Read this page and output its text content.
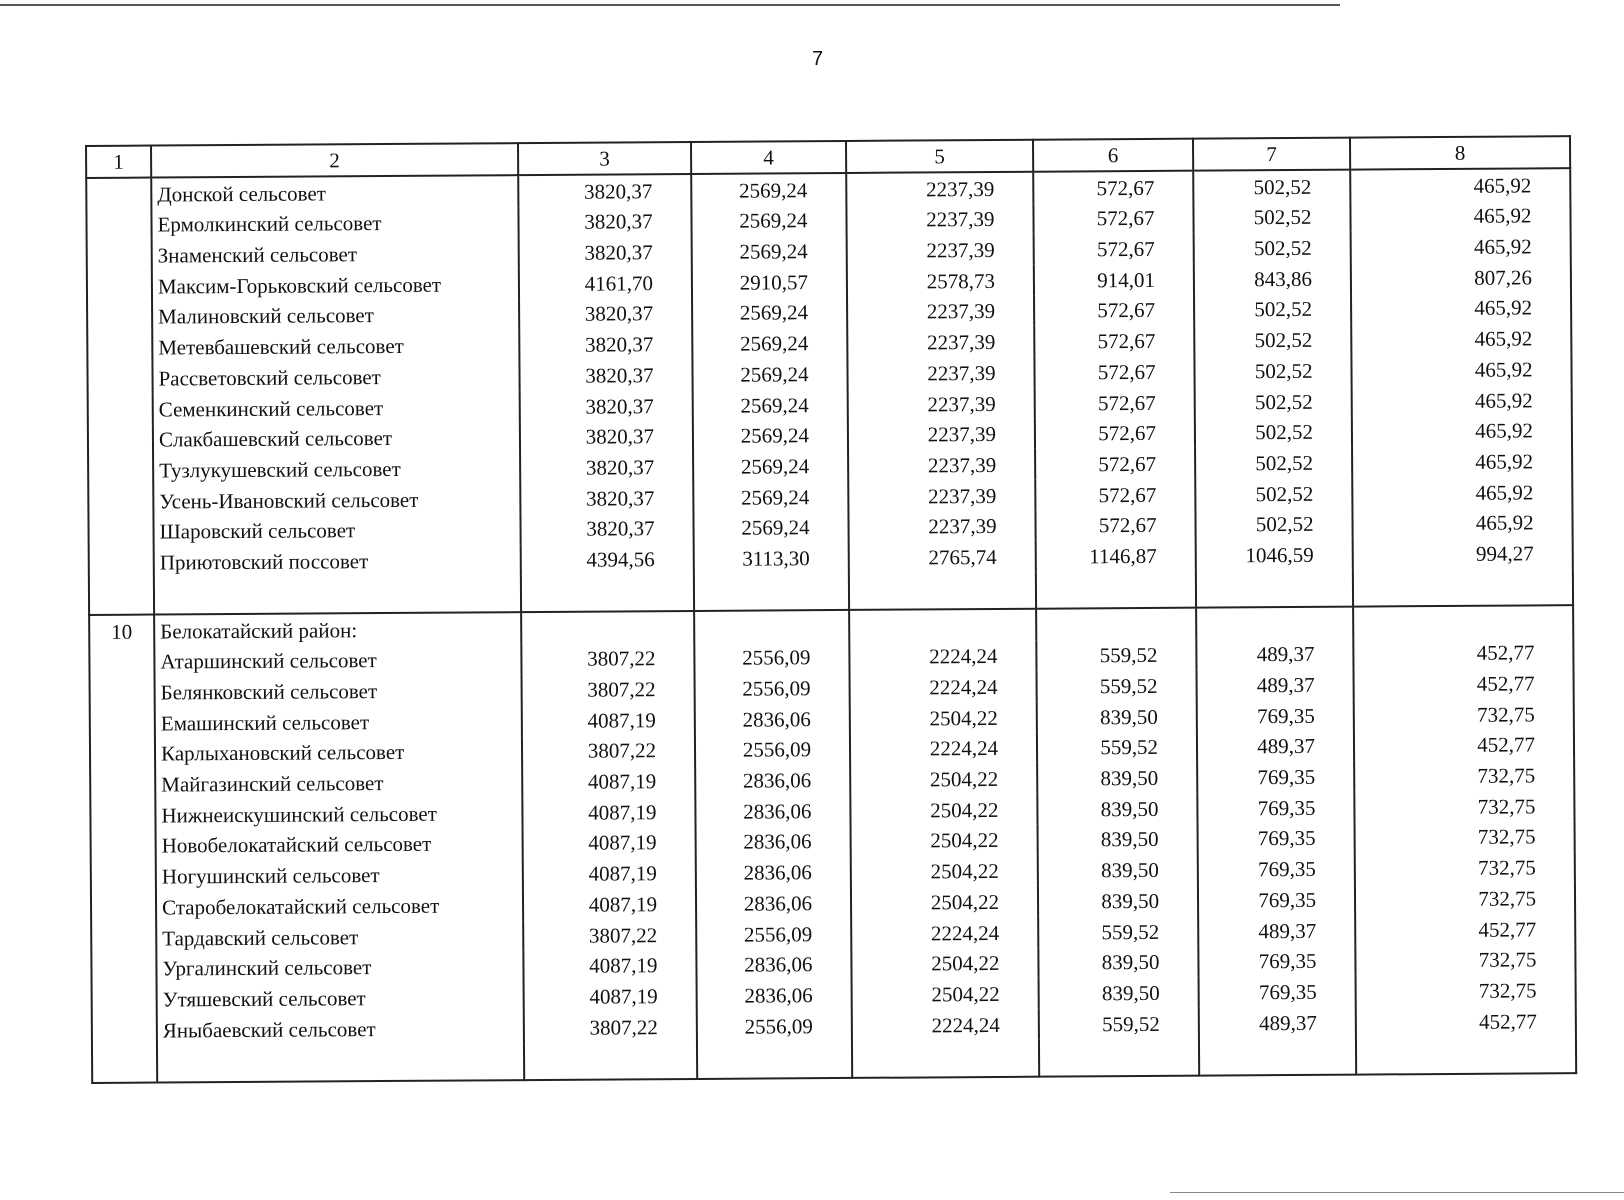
7
1	2	3	4	5	6	7	8
	Донской сельсовет	3820,37	2569,24	2237,39	572,67	502,52	465,92
	Ермолкинский сельсовет	3820,37	2569,24	2237,39	572,67	502,52	465,92
	Знаменский сельсовет	3820,37	2569,24	2237,39	572,67	502,52	465,92
	Максим-Горьковский сельсовет	4161,70	2910,57	2578,73	914,01	843,86	807,26
	Малиновский сельсовет	3820,37	2569,24	2237,39	572,67	502,52	465,92
	Метевбашевский сельсовет	3820,37	2569,24	2237,39	572,67	502,52	465,92
	Рассветовский сельсовет	3820,37	2569,24	2237,39	572,67	502,52	465,92
	Семенкинский сельсовет	3820,37	2569,24	2237,39	572,67	502,52	465,92
	Слакбашевский сельсовет	3820,37	2569,24	2237,39	572,67	502,52	465,92
	Тузлукушевский сельсовет	3820,37	2569,24	2237,39	572,67	502,52	465,92
	Усень-Ивановский сельсовет	3820,37	2569,24	2237,39	572,67	502,52	465,92
	Шаровский сельсовет	3820,37	2569,24	2237,39	572,67	502,52	465,92
	Приютовский поссовет	4394,56	3113,30	2765,74	1146,87	1046,59	994,27

10	Белокатайский район:						
	Атаршинский сельсовет	3807,22	2556,09	2224,24	559,52	489,37	452,77
	Белянковский сельсовет	3807,22	2556,09	2224,24	559,52	489,37	452,77
	Емашинский сельсовет	4087,19	2836,06	2504,22	839,50	769,35	732,75
	Карлыхановский сельсовет	3807,22	2556,09	2224,24	559,52	489,37	452,77
	Майгазинский сельсовет	4087,19	2836,06	2504,22	839,50	769,35	732,75
	Нижнеискушинский сельсовет	4087,19	2836,06	2504,22	839,50	769,35	732,75
	Новобелокатайский сельсовет	4087,19	2836,06	2504,22	839,50	769,35	732,75
	Ногушинский сельсовет	4087,19	2836,06	2504,22	839,50	769,35	732,75
	Старобелокатайский сельсовет	4087,19	2836,06	2504,22	839,50	769,35	732,75
	Тардавский сельсовет	3807,22	2556,09	2224,24	559,52	489,37	452,77
	Ургалинский сельсовет	4087,19	2836,06	2504,22	839,50	769,35	732,75
	Утяшевский сельсовет	4087,19	2836,06	2504,22	839,50	769,35	732,75
	Яныбаевский сельсовет	3807,22	2556,09	2224,24	559,52	489,37	452,77
